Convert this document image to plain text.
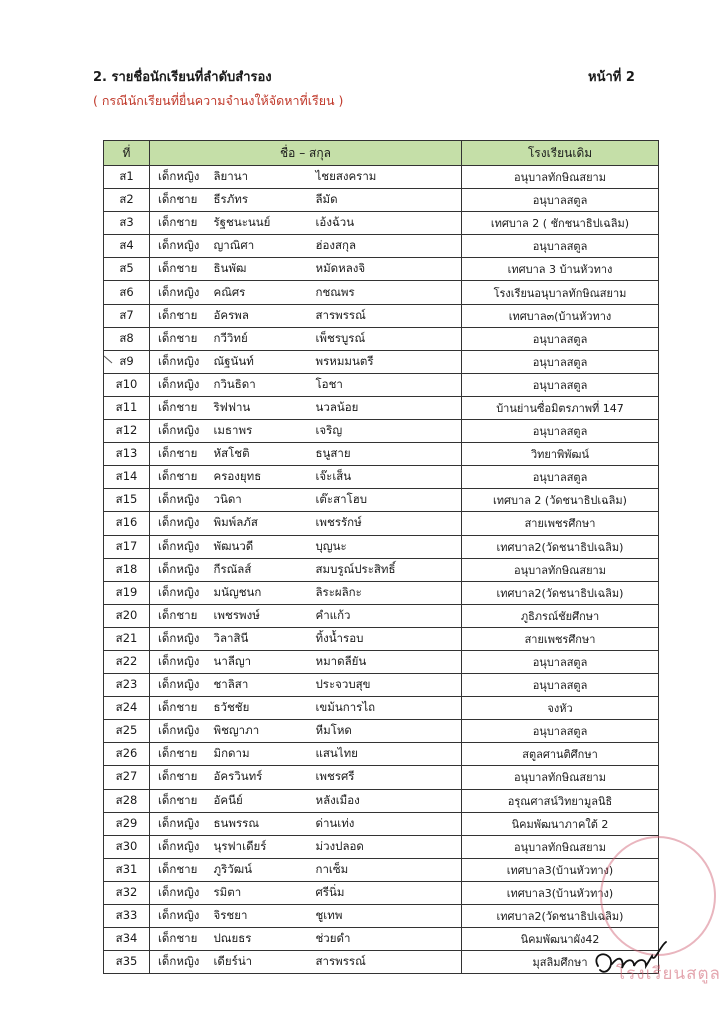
2. รายชื่อนักเรียนที่ลำดับสำรอง	หน้าที่ 2
( กรณีนักเรียนที่ยื่นความจำนงให้จัดหาที่เรียน )
ที่	ชื่อ – สกุล			โรงเรียนเดิม
ส1	เด็กหญิง	ลิยานา	ไชยสงคราม	อนุบาลทักษิณสยาม
ส2	เด็กชาย	ธีรภัทร	ลีมัด	อนุบาลสตูล
ส3	เด็กชาย	รัฐชนะนนย์	เอ้งฉ้วน	เทศบาล 2 ( ชักชนาธิปเฉลิม)
ส4	เด็กหญิง	ญาณิศา	ฮ่องสกุล	อนุบาลสตูล
ส5	เด็กชาย	ธินพัฒ	หมัดหลงจิ	เทศบาล 3 บ้านหัวทาง
ส6	เด็กหญิง	คณิศร	กชณพร	โรงเรียนอนุบาลทักษิณสยาม
ส7	เด็กชาย	อัครพล	สารพรรณ์	เทศบาล๓(บ้านหัวทาง
ส8	เด็กชาย	กวีวิทย์	เพ็ชรบูรณ์	อนุบาลสตูล
ส9	เด็กหญิง	ณัฐนันท์	พรหมมนตรี	อนุบาลสตูล
ส10	เด็กหญิง	กวินธิดา	โอชา	อนุบาลสตูล
ส11	เด็กชาย	ริฟฟาน	นวลน้อย	บ้านย่านซื่อมิตรภาพที่ 147
ส12	เด็กหญิง	เมธาพร	เจริญ	อนุบาลสตูล
ส13	เด็กชาย	หัสโชติ	ธนูสาย	วิทยาพิพัฒน์
ส14	เด็กชาย	ครองยุทธ	เจ๊ะเส็น	อนุบาลสตูล
ส15	เด็กหญิง	วนิดา	เต๊ะสาโฮบ	เทศบาล 2 (วัดชนาธิปเฉลิม)
ส16	เด็กหญิง	พิมพ์ลภัส	เพชรรักษ์	สายเพชรศึกษา
ส17	เด็กหญิง	พัฒนวดี	บุญนะ	เทศบาล2(วัดชนาธิปเฉลิม)
ส18	เด็กหญิง	กีรณัลส์	สมบรูณ์ประสิทธิ์	อนุบาลทักษิณสยาม
ส19	เด็กหญิง	มนัญชนก	ลิระผลิกะ	เทศบาล2(วัดชนาธิปเฉลิม)
ส20	เด็กชาย	เพชรพงษ์	คำแก้ว	ภูธิภรณ์ชัยศึกษา
ส21	เด็กหญิง	วิลาสินี	ทิ้งน้ำรอบ	สายเพชรศึกษา
ส22	เด็กหญิง	นาลีญา	หมาดลียัน	อนุบาลสตูล
ส23	เด็กหญิง	ชาลิสา	ประจวบสุข	อนุบาลสตูล
ส24	เด็กชาย	ธวัชชัย	เขม้นการไถ	จงหัว
ส25	เด็กหญิง	พิชญาภา	หีมโหด	อนุบาลสตูล
ส26	เด็กชาย	มิกดาม	แสนไทย	สตูลศานติศึกษา
ส27	เด็กชาย	อัครวินทร์	เพชรศรี	อนุบาลทักษิณสยาม
ส28	เด็กชาย	อัคนีย์	หลังเมือง	อรุณศาสน์วิทยามูลนิธิ
ส29	เด็กหญิง	ธนพรรณ	ด่านเท่ง	นิคมพัฒนาภาคใต้ 2
ส30	เด็กหญิง	นุรฟาเดียร์	ม่วงปลอด	อนุบาลทักษิณสยาม
ส31	เด็กชาย	ภูริวัฒน์	กาเซ็ม	เทศบาล3(บ้านหัวทาง)
ส32	เด็กหญิง	รมิตา	ศรีนิ่ม	เทศบาล3(บ้านหัวทาง)
ส33	เด็กหญิง	จิรชยา	ชูเทพ	เทศบาล2(วัดชนาธิปเฉลิม)
ส34	เด็กชาย	ปณยธร	ช่วยดำ	นิคมพัฒนาผัง42
ส35	เด็กหญิง	เดียร์น่า	สารพรรณ์	มุสลิมศึกษา
โรงเรียนสตูล
